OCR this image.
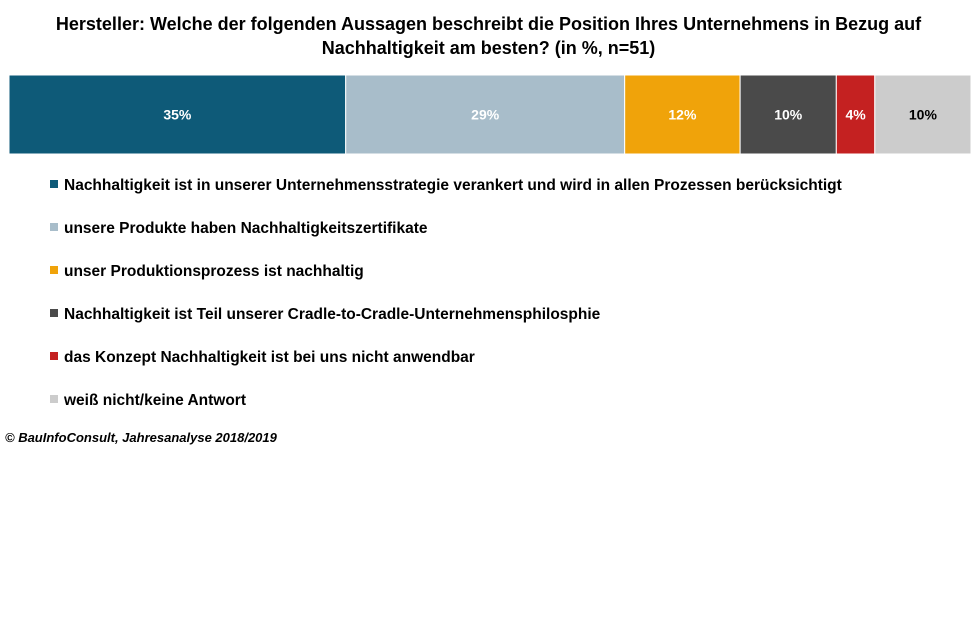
Hersteller: Welche der folgenden Aussagen beschreibt die Position Ihres Unternehmens in Bezug auf
Nachhaltigkeit am besten? (in %, n=51)
35%	29%	12%	10%	4%	10%
Nachhaltigkeit ist in unserer Unternehmensstrategie verankert und wird in allen Prozessen berücksichtigt
unsere Produkte haben Nachhaltigkeitszertifikate
unser Produktionsprozess ist nachhaltig
Nachhaltigkeit ist Teil unserer Cradle-to-Cradle-Unternehmensphilosphie
das Konzept Nachhaltigkeit ist bei uns nicht anwendbar
weiß nicht/keine Antwort
© BauInfoConsult, Jahresanalyse 2018/2019
